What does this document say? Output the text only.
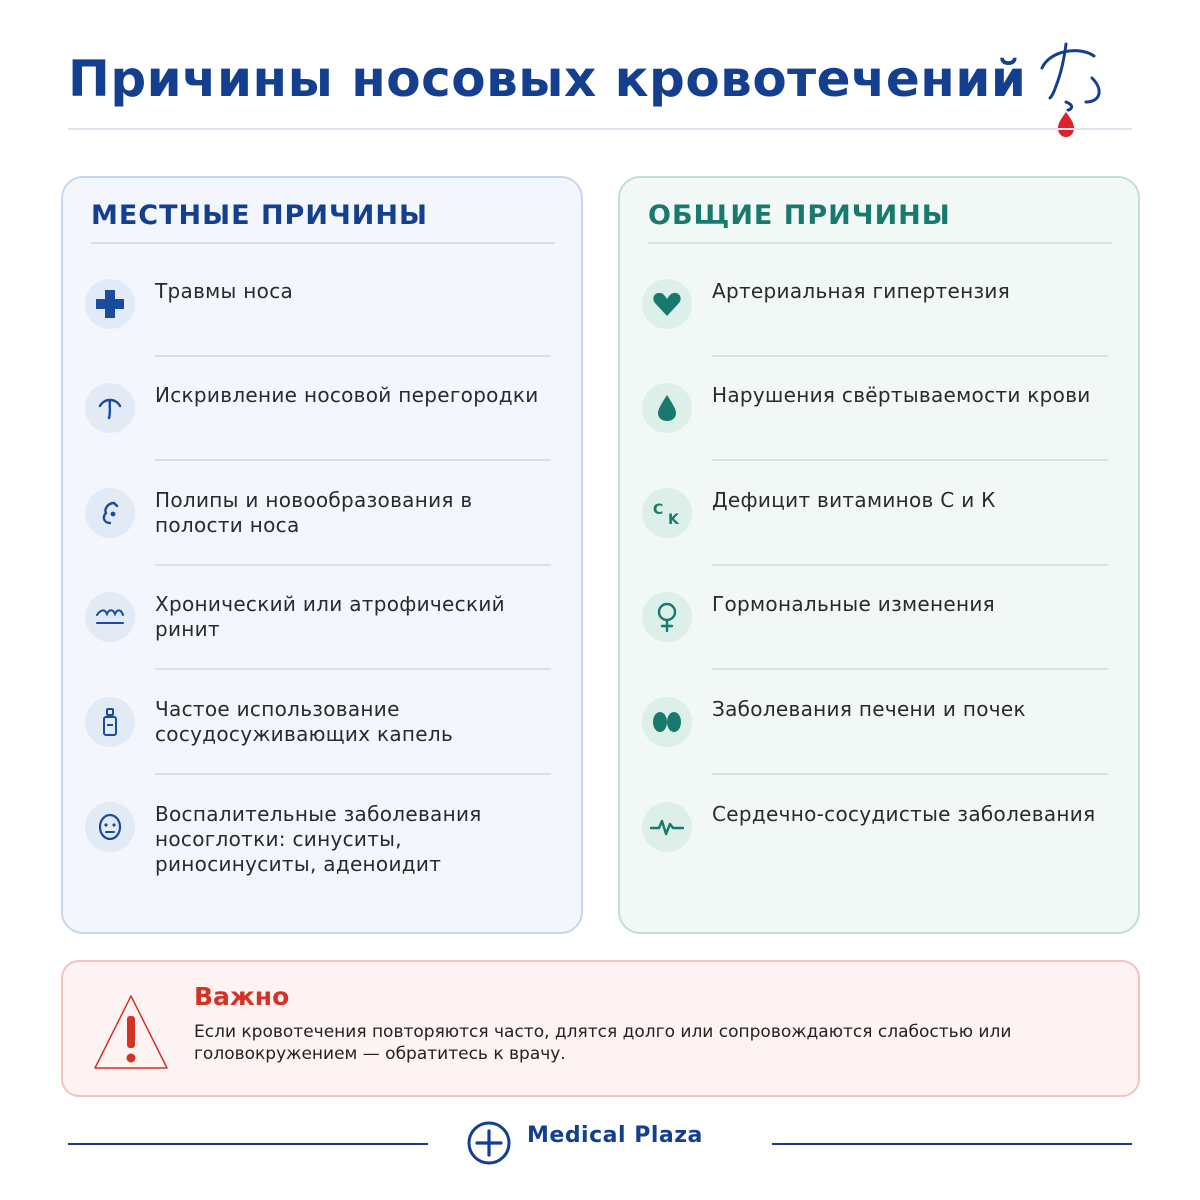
Причины носовых кровотечений
МЕСТНЫЕ ПРИЧИНЫ
Травмы носа
Искривление носовой перегородки
Полипы и новообразования в полости носа
Хронический или атрофический ринит
Частое использование сосудосуживающих капель
Воспалительные заболевания носоглотки: синуситы, риносинуситы, аденоидит
ОБЩИЕ ПРИЧИНЫ
Артериальная гипертензия
Нарушения свёртываемости крови
C
K
Дефицит витаминов С и К
Гормональные изменения
Заболевания печени и почек
Сердечно-сосудистые заболевания
Важно
Если кровотечения повторяются часто, длятся долго или сопровождаются слабостью или головокружением — обратитесь к врачу.
Medical Plaza
